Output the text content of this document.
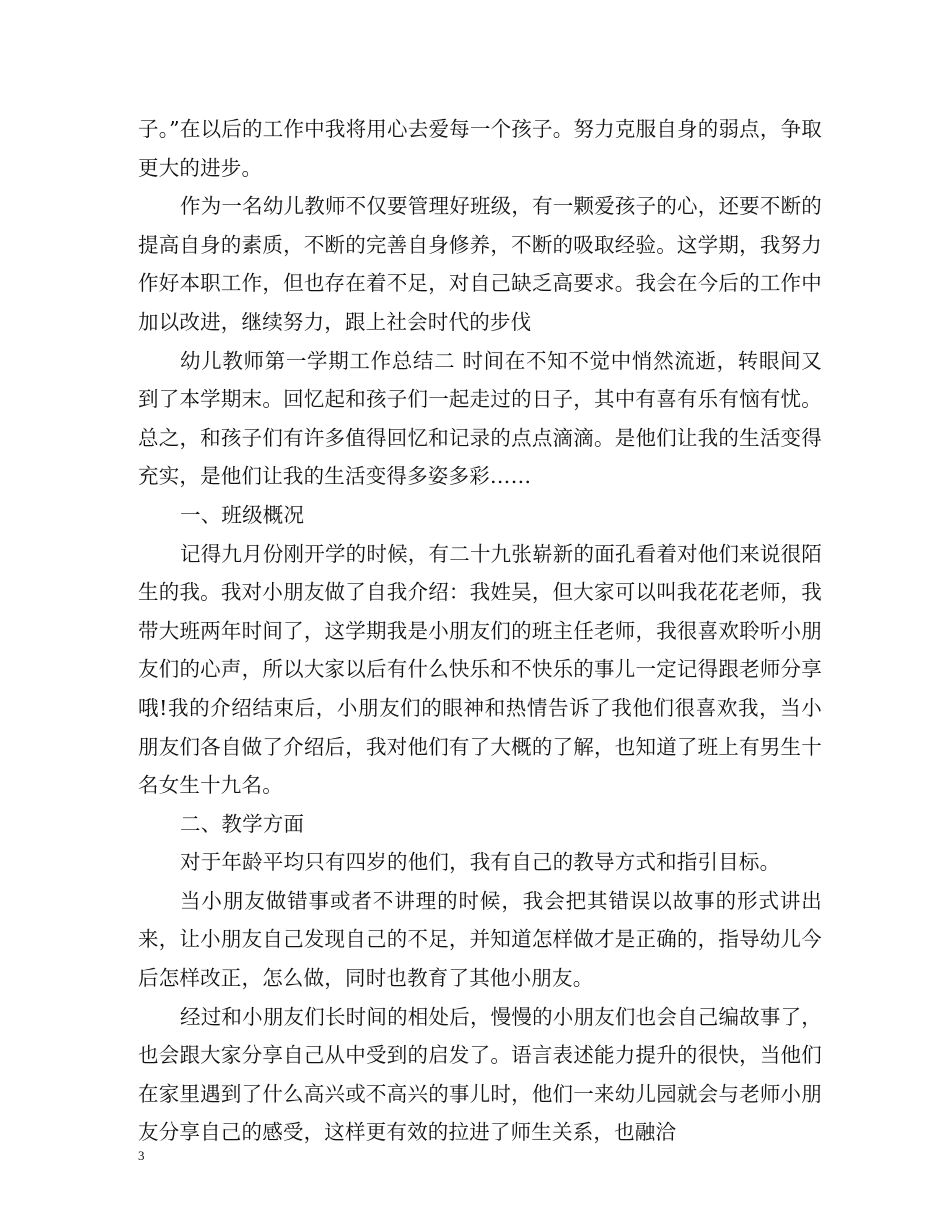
子。”在以后的工作中我将用心去爱每一个孩子。努力克服自身的弱点，争取更大的进步。

作为一名幼儿教师不仅要管理好班级，有一颗爱孩子的心，还要不断的提高自身的素质，不断的完善自身修养，不断的吸取经验。这学期，我努力作好本职工作，但也存在着不足，对自己缺乏高要求。我会在今后的工作中加以改进，继续努力，跟上社会时代的步伐

幼儿教师第一学期工作总结二 时间在不知不觉中悄然流逝，转眼间又到了本学期末。回忆起和孩子们一起走过的日子，其中有喜有乐有恼有忧。总之，和孩子们有许多值得回忆和记录的点点滴滴。是他们让我的生活变得充实，是他们让我的生活变得多姿多彩……

一、班级概况

记得九月份刚开学的时候，有二十九张崭新的面孔看着对他们来说很陌生的我。我对小朋友做了自我介绍：我姓吴，但大家可以叫我花花老师，我带大班两年时间了，这学期我是小朋友们的班主任老师，我很喜欢聆听小朋友们的心声，所以大家以后有什么快乐和不快乐的事儿一定记得跟老师分享哦!我的介绍结束后，小朋友们的眼神和热情告诉了我他们很喜欢我，当小朋友们各自做了介绍后，我对他们有了大概的了解，也知道了班上有男生十名女生十九名。

二、教学方面

对于年龄平均只有四岁的他们，我有自己的教导方式和指引目标。

当小朋友做错事或者不讲理的时候，我会把其错误以故事的形式讲出来，让小朋友自己发现自己的不足，并知道怎样做才是正确的，指导幼儿今后怎样改正，怎么做，同时也教育了其他小朋友。

经过和小朋友们长时间的相处后，慢慢的小朋友们也会自己编故事了，也会跟大家分享自己从中受到的启发了。语言表述能力提升的很快，当他们在家里遇到了什么高兴或不高兴的事儿时，他们一来幼儿园就会与老师小朋友分享自己的感受，这样更有效的拉进了师生关系，也融洽

3
